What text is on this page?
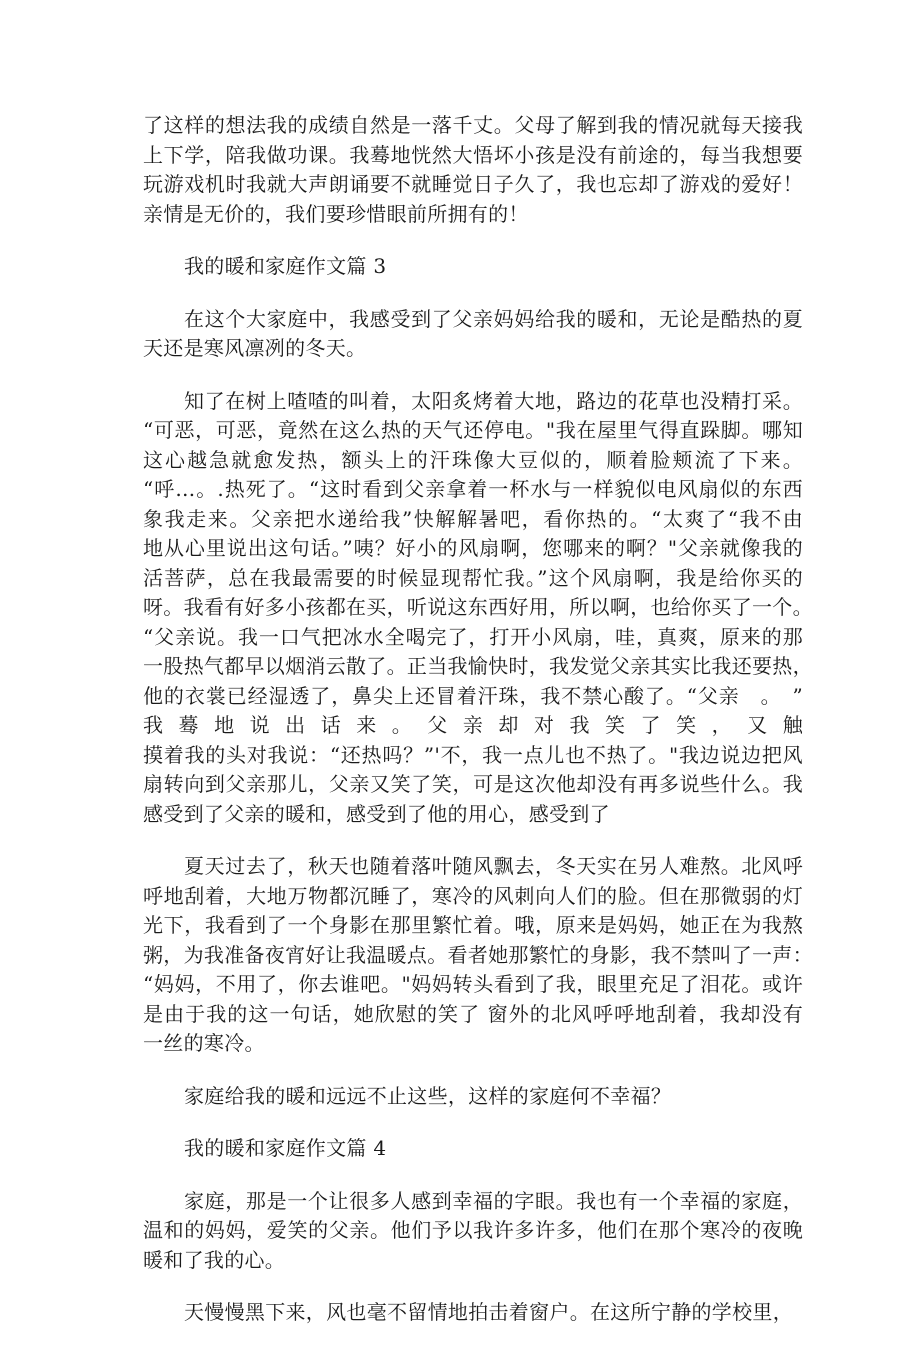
了这样的想法我的成绩自然是一落千丈。父母了解到我的情况就每天接我
上下学，陪我做功课。我蓦地恍然大悟坏小孩是没有前途的，每当我想要
玩游戏机时我就大声朗诵要不就睡觉日子久了，我也忘却了游戏的爱好！
亲情是无价的，我们要珍惜眼前所拥有的！
我的暖和家庭作文篇 3
在这个大家庭中，我感受到了父亲妈妈给我的暖和，无论是酷热的夏
天还是寒风凛冽的冬天。
知了在树上喳喳的叫着，太阳炙烤着大地，路边的花草也没精打采。
“可恶，可恶，竟然在这么热的天气还停电。"我在屋里气得直跺脚。哪知
这心越急就愈发热，额头上的汗珠像大豆似的，顺着脸颊流了下来。
“呼…。.热死了。“这时看到父亲拿着一杯水与一样貌似电风扇似的东西
象我走来。父亲把水递给我”快解解暑吧，看你热的。“太爽了“我不由
地从心里说出这句话。”咦？好小的风扇啊，您哪来的啊？"父亲就像我的
活菩萨，总在我最需要的时候显现帮忙我。”这个风扇啊，我是给你买的
呀。我看有好多小孩都在买，听说这东西好用，所以啊，也给你买了一个。
“父亲说。我一口气把冰水全喝完了，打开小风扇，哇，真爽，原来的那
一股热气都早以烟消云散了。正当我愉快时，我发觉父亲其实比我还要热，
他的衣裳已经湿透了，鼻尖上还冒着汗珠，我不禁心酸了。“父亲　。　”
我蓦地说出话来。父亲却对我笑了笑，又触
摸着我的头对我说：“还热吗？”'不，我一点儿也不热了。"我边说边把风
扇转向到父亲那儿，父亲又笑了笑，可是这次他却没有再多说些什么。我
感受到了父亲的暖和，感受到了他的用心，感受到了
夏天过去了，秋天也随着落叶随风飘去，冬天实在另人难熬。北风呼
呼地刮着，大地万物都沉睡了，寒冷的风刺向人们的脸。但在那微弱的灯
光下，我看到了一个身影在那里繁忙着。哦，原来是妈妈，她正在为我熬
粥，为我准备夜宵好让我温暖点。看者她那繁忙的身影，我不禁叫了一声：
“妈妈，不用了，你去谁吧。"妈妈转头看到了我，眼里充足了泪花。或许
是由于我的这一句话，她欣慰的笑了 窗外的北风呼呼地刮着，我却没有
一丝的寒冷。
家庭给我的暖和远远不止这些，这样的家庭何不幸福？
我的暖和家庭作文篇 4
家庭，那是一个让很多人感到幸福的字眼。我也有一个幸福的家庭，
温和的妈妈，爱笑的父亲。他们予以我许多许多，他们在那个寒冷的夜晚
暖和了我的心。
天慢慢黑下来，风也毫不留情地拍击着窗户。在这所宁静的学校里，
